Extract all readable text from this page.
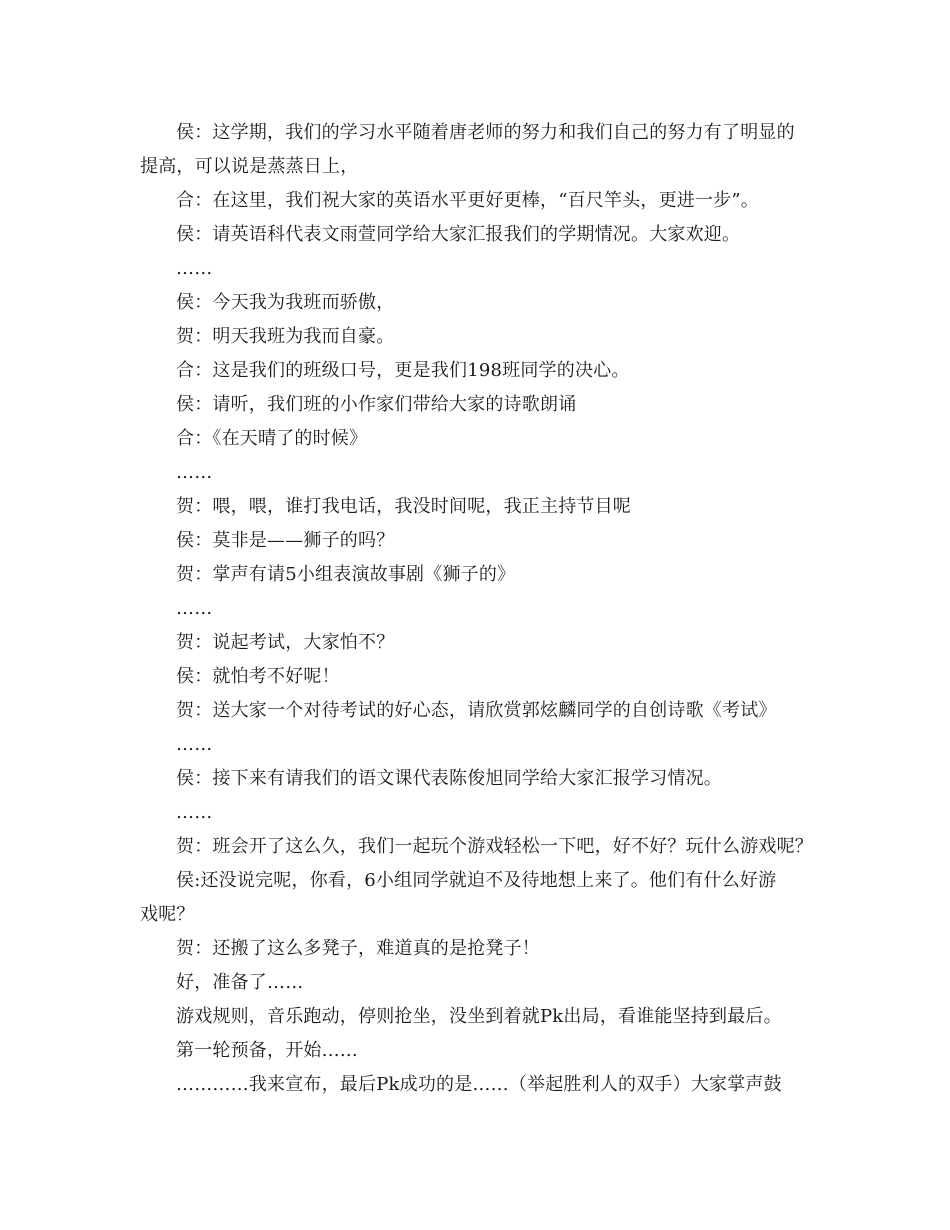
侯：这学期，我们的学习水平随着唐老师的努力和我们自己的努力有了明显的
提高，可以说是蒸蒸日上，
合：在这里，我们祝大家的英语水平更好更棒，“百尺竿头，更进一步”。
侯：请英语科代表文雨萱同学给大家汇报我们的学期情况。大家欢迎。
……
侯：今天我为我班而骄傲，
贺：明天我班为我而自豪。
合：这是我们的班级口号，更是我们198班同学的决心。
侯：请听，我们班的小作家们带给大家的诗歌朗诵
合：《在天晴了的时候》
……
贺：喂，喂，谁打我电话，我没时间呢，我正主持节目呢
侯：莫非是——狮子的吗？
贺：掌声有请5小组表演故事剧《狮子的》
……
贺：说起考试，大家怕不？
侯：就怕考不好呢！
贺：送大家一个对待考试的好心态，请欣赏郭炫麟同学的自创诗歌《考试》
……
侯：接下来有请我们的语文课代表陈俊旭同学给大家汇报学习情况。
……
贺：班会开了这么久，我们一起玩个游戏轻松一下吧，好不好？玩什么游戏呢？
侯:还没说完呢，你看，6小组同学就迫不及待地想上来了。他们有什么好游
戏呢？
贺：还搬了这么多凳子，难道真的是抢凳子！
好，准备了……
游戏规则，音乐跑动，停则抢坐，没坐到着就Pk出局，看谁能坚持到最后。
第一轮预备，开始……
…………我来宣布，最后Pk成功的是……（举起胜利人的双手）大家掌声鼓
